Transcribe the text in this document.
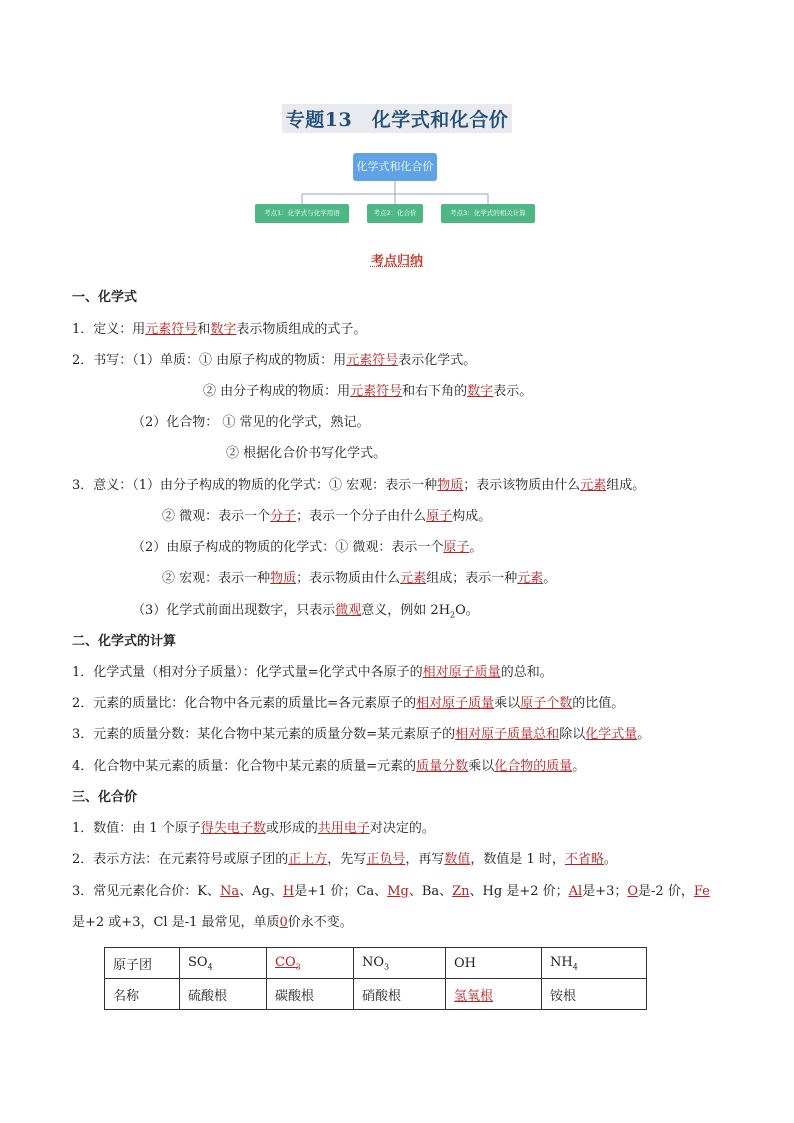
专题13　化学式和化合价
化学式和化合价
考点1：化学式与化学用语	考点2：化合价	考点3：化学式的相关计算
考点归纳
一、化学式
1．定义：用元素符号和数字表示物质组成的式子。
2．书写：（1）单质：① 由原子构成的物质：用元素符号表示化学式。
② 由分子构成的物质：用元素符号和右下角的数字表示。
（2）化合物： ① 常见的化学式，熟记。
② 根据化合价书写化学式。
3．意义：（1）由分子构成的物质的化学式：① 宏观：表示一种物质；表示该物质由什么元素组成。
② 微观：表示一个分子；表示一个分子由什么原子构成。
（2）由原子构成的物质的化学式：① 微观：表示一个原子。
② 宏观：表示一种物质；表示物质由什么元素组成；表示一种元素。
（3）化学式前面出现数字，只表示微观意义，例如 $2H_2O$。
二、化学式的计算
1．化学式量（相对分子质量）：化学式量=化学式中各原子的相对原子质量的总和。
2．元素的质量比：化合物中各元素的质量比=各元素原子的相对原子质量乘以原子个数的比值。
3．元素的质量分数：某化合物中某元素的质量分数=某元素原子的相对原子质量总和除以化学式量。
4．化合物中某元素的质量：化合物中某元素的质量=元素的质量分数乘以化合物的质量。
三、化合价
1．数值：由 1 个原子得失电子数或形成的共用电子对决定的。
2．表示方法：在元素符号或原子团的正上方，先写正负号，再写数值，数值是 1 时，不省略。
3．常见元素化合价：K、Na、Ag、H是+1 价；Ca、Mg、Ba、Zn、Hg 是+2 价；Al是+3；O是-2 价，Fe
是+2 或+3，Cl 是-1 最常见，单质0价永不变。
原子团	$SO_4$	$CO_3$	$NO_3$	OH	$NH_4$
名称	硫酸根	碳酸根	硝酸根	氢氧根	铵根
